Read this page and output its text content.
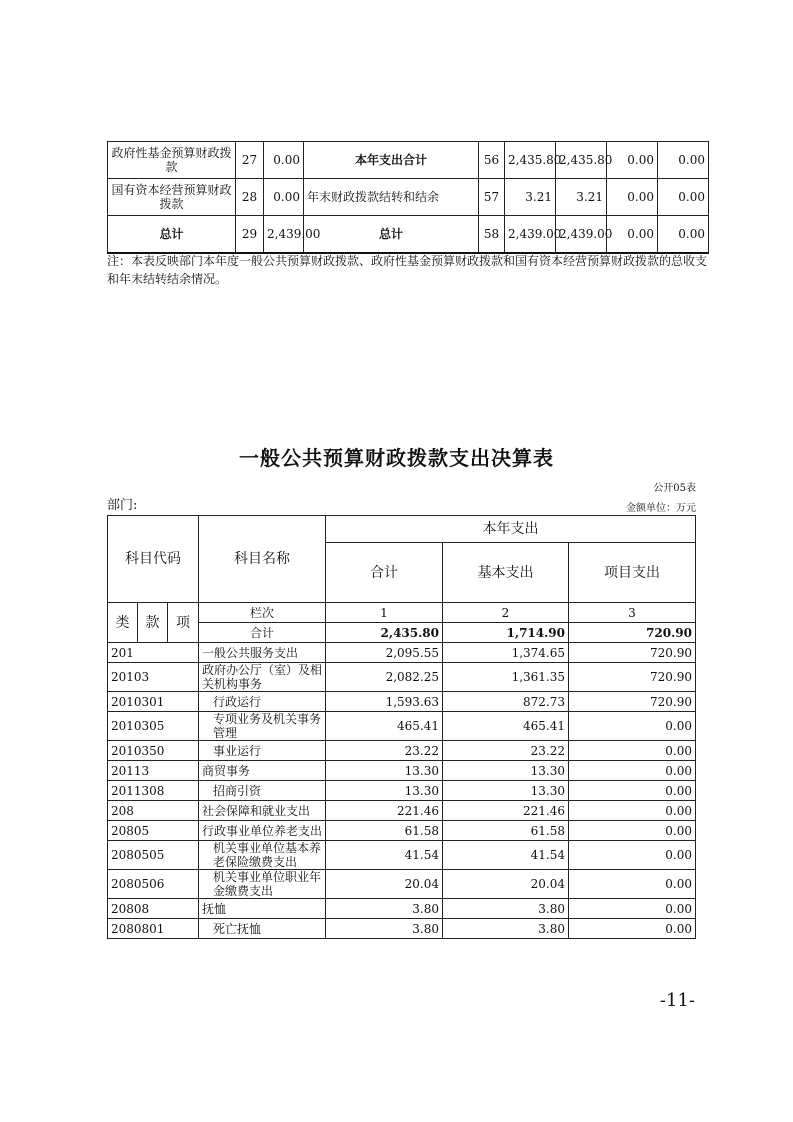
政府性基金预算财政拨款	27	0.00	本年支出合计	56	2,435.80	2,435.80	0.00	0.00
国有资本经营预算财政拨款	28	0.00	年末财政拨款结转和结余	57	3.21	3.21	0.00	0.00
总计	29	2,439.00	总计	58	2,439.00	2,439.00	0.00	0.00
注：本表反映部门本年度一般公共预算财政拨款、政府性基金预算财政拨款和国有资本经营预算财政拨款的总收支和年末结转结余情况。
一般公共预算财政拨款支出决算表
公开05表
部门:	金额单位：万元
科目代码			科目名称	本年支出		
				合计	基本支出	项目支出
类	款	项	栏次	1	2	3
			合计	2,435.80	1,714.90	720.90
201			一般公共服务支出	2,095.55	1,374.65	720.90
20103			政府办公厅（室）及相关机构事务	2,082.25	1,361.35	720.90
2010301			行政运行	1,593.63	872.73	720.90
2010305			专项业务及机关事务管理	465.41	465.41	0.00
2010350			事业运行	23.22	23.22	0.00
20113			商贸事务	13.30	13.30	0.00
2011308			招商引资	13.30	13.30	0.00
208			社会保障和就业支出	221.46	221.46	0.00
20805			行政事业单位养老支出	61.58	61.58	0.00
2080505			机关事业单位基本养老保险缴费支出	41.54	41.54	0.00
2080506			机关事业单位职业年金缴费支出	20.04	20.04	0.00
20808			抚恤	3.80	3.80	0.00
2080801			死亡抚恤	3.80	3.80	0.00
-11-
